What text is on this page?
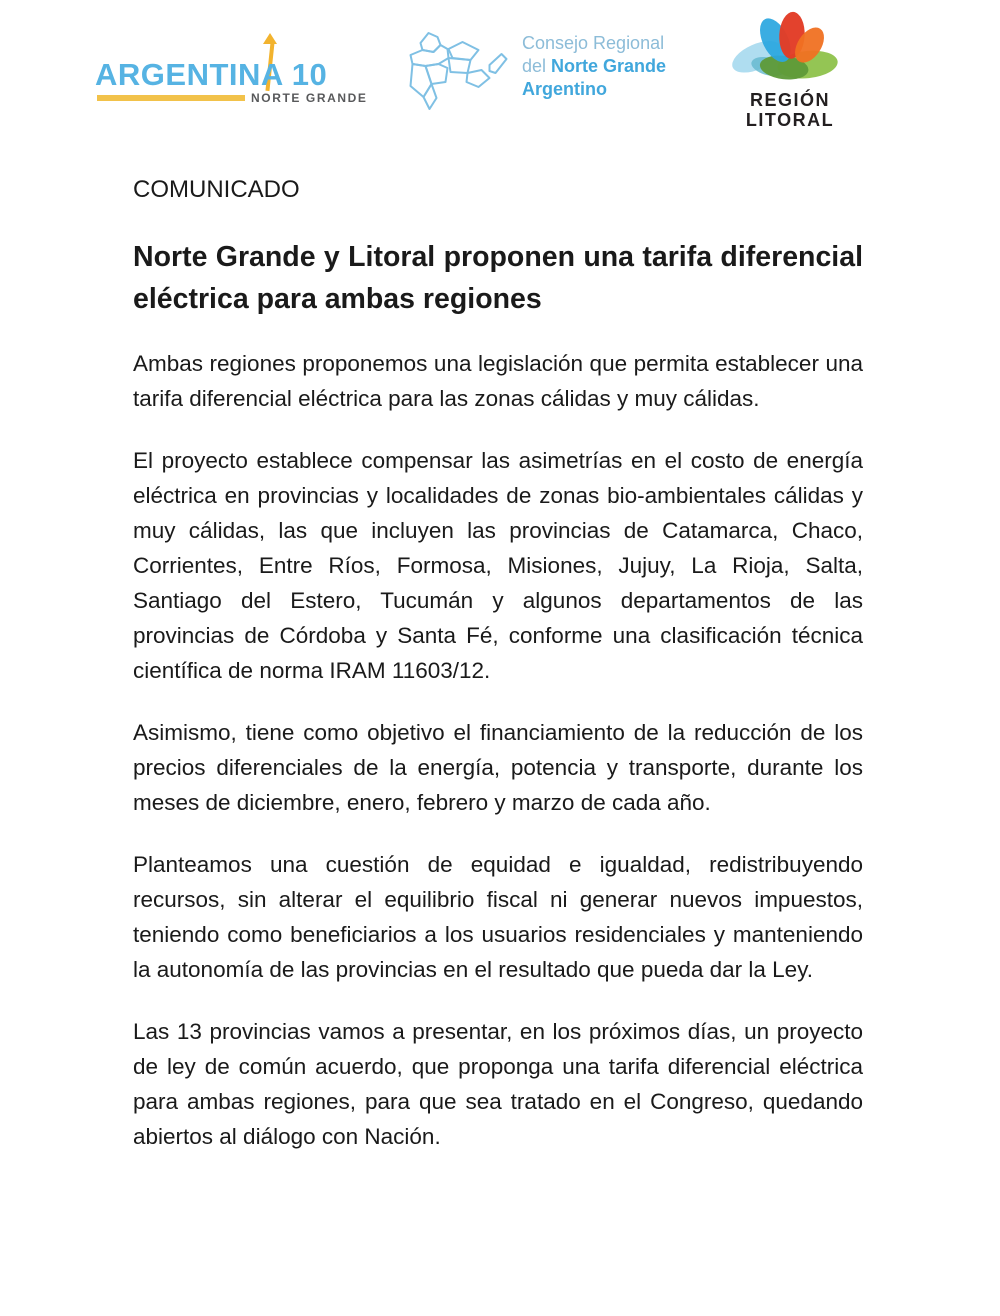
ARGENTINA 10
NORTE GRANDE
Consejo Regional
del Norte Grande
Argentino
REGIÓN
LITORAL

COMUNICADO

Norte Grande y Litoral proponen una tarifa diferencial eléctrica para ambas regiones

Ambas regiones proponemos una legislación que permita establecer una tarifa diferencial eléctrica para las zonas cálidas y muy cálidas.

El proyecto establece compensar las asimetrías en el costo de energía eléctrica en provincias y localidades de zonas bio-ambientales cálidas y muy cálidas, las que incluyen las provincias de Catamarca, Chaco, Corrientes, Entre Ríos, Formosa, Misiones, Jujuy, La Rioja, Salta, Santiago del Estero, Tucumán y algunos departamentos de las provincias de Córdoba y Santa Fé, conforme una clasificación técnica científica de norma IRAM 11603/12.

Asimismo, tiene como objetivo el financiamiento de la reducción de los precios diferenciales de la energía, potencia y transporte, durante los meses de diciembre, enero, febrero y marzo de cada año.

Planteamos una cuestión de equidad e igualdad, redistribuyendo recursos, sin alterar el equilibrio fiscal ni generar nuevos impuestos, teniendo como beneficiarios a los usuarios residenciales y manteniendo la autonomía de las provincias en el resultado que pueda dar la Ley.

Las 13 provincias vamos a presentar, en los próximos días, un proyecto de ley de común acuerdo, que proponga una tarifa diferencial eléctrica para ambas regiones, para que sea tratado en el Congreso, quedando abiertos al diálogo con Nación.
